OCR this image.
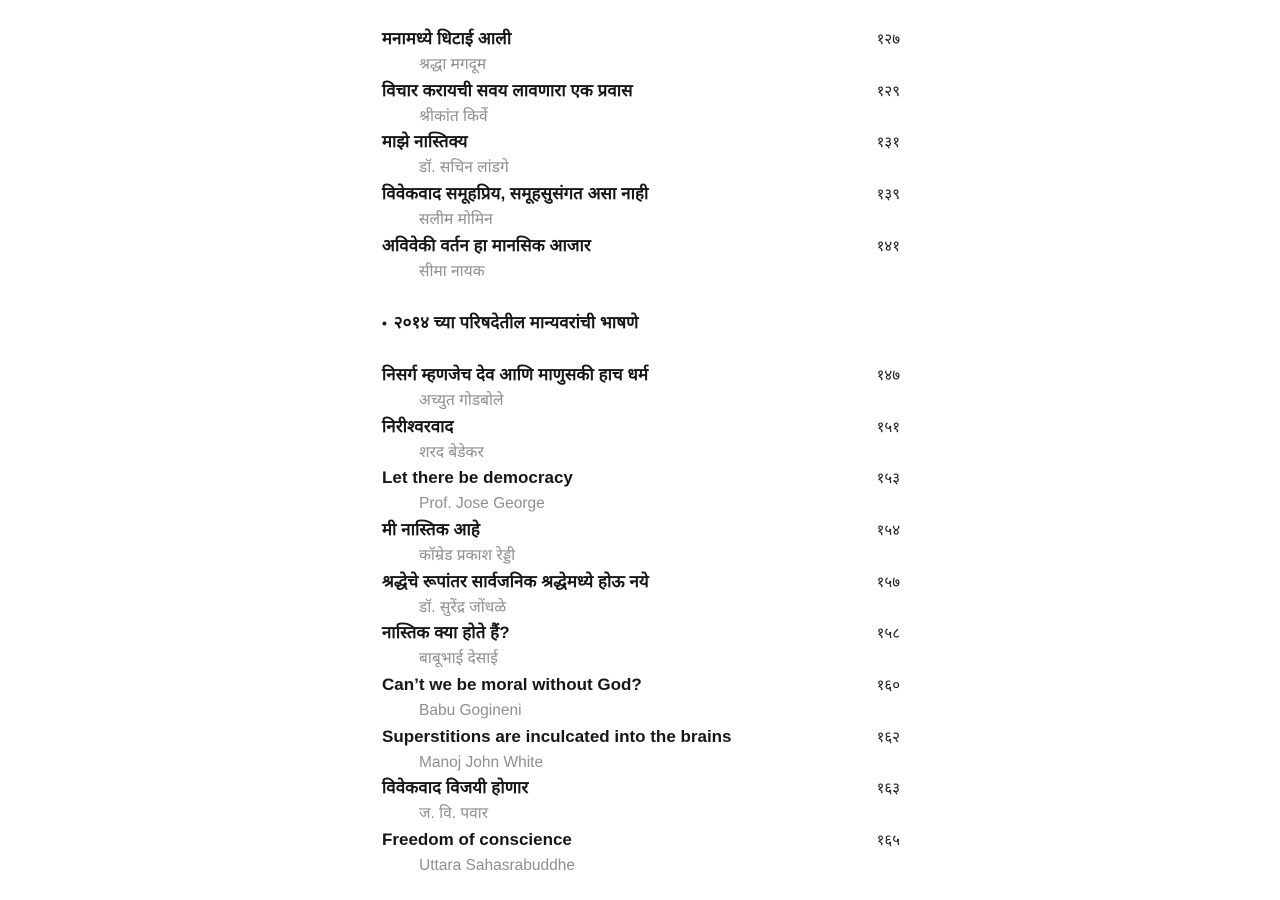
मनामध्ये धिटाई आली	१२७
श्रद्धा मगदूम
विचार करायची सवय लावणारा एक प्रवास	१२९
श्रीकांत किर्वे
माझे नास्तिक्य	१३१
डॉ. सचिन लांडगे
विवेकवाद समूहप्रिय, समूहसुसंगत असा नाही	१३९
सलीम मोमिन
अविवेकी वर्तन हा मानसिक आजार	१४१
सीमा नायक
• २०१४ च्या परिषदेतील मान्यवरांची भाषणे
निसर्ग म्हणजेच देव आणि माणुसकी हाच धर्म	१४७
अच्युत गोडबोले
निरीश्वरवाद	१५१
शरद बेडेकर
Let there be democracy	१५३
Prof. Jose George
मी नास्तिक आहे	१५४
कॉम्रेड प्रकाश रेड्डी
श्रद्धेचे रूपांतर सार्वजनिक श्रद्धेमध्ये होऊ नये	१५७
डॉ. सुरेंद्र जोंधळे
नास्तिक क्या होते हैं?	१५८
बाबूभाई देसाई
Can’t we be moral without God?	१६०
Babu Gogineni
Superstitions are inculcated into the brains	१६२
Manoj John White
विवेकवाद विजयी होणार	१६३
ज. वि. पवार
Freedom of conscience	१६५
Uttara Sahasrabuddhe
